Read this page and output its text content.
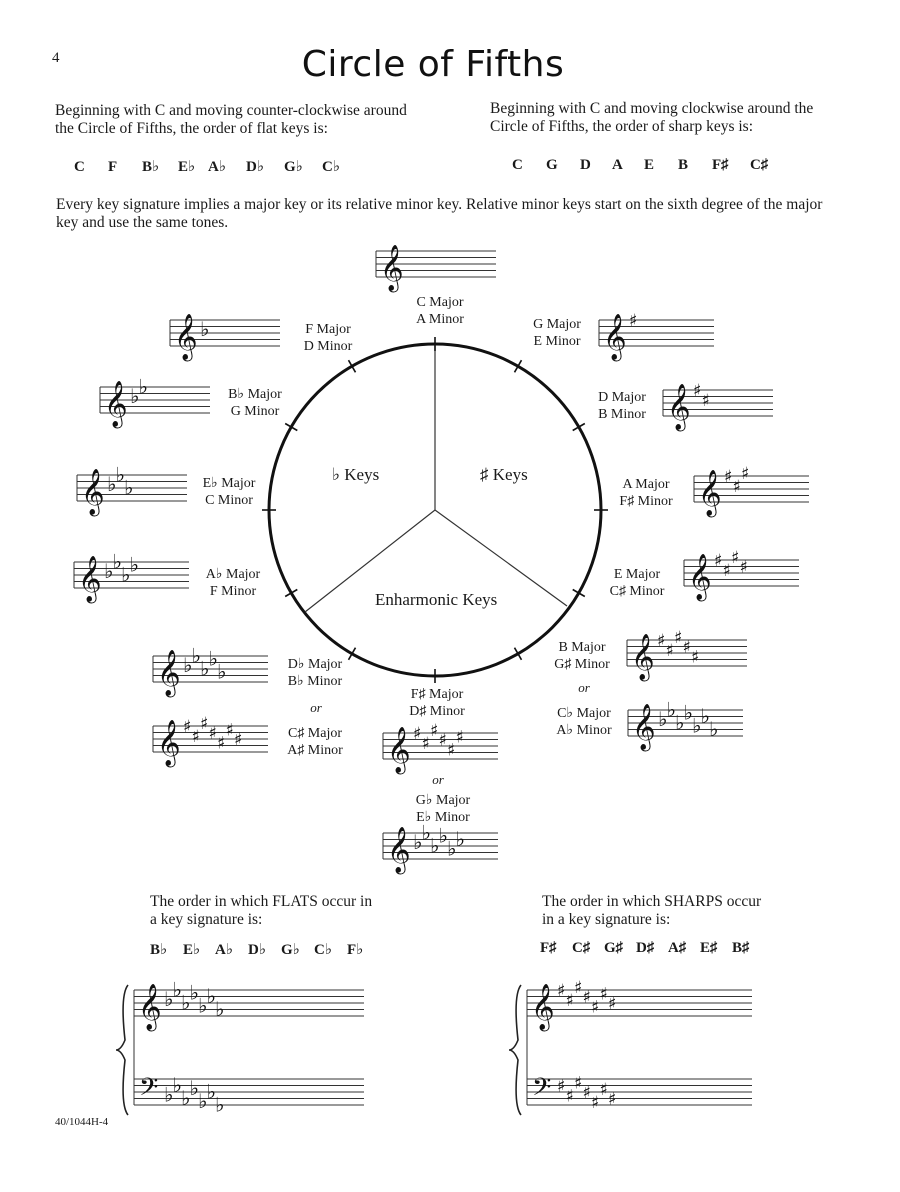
4	Circle of Fifths
Beginning with C and moving counter-clockwise around the Circle of Fifths, the order of flat keys is:
Beginning with C and moving clockwise around the Circle of Fifths, the order of sharp keys is:
C F B♭ E♭ A♭ D♭ G♭ C♭	C G D A E B F♯ C♯
Every key signature implies a major key or its relative minor key. Relative minor keys start on the sixth degree of the major key and use the same tones.
𝄞
𝄞 ♯
𝄞 ♯ ♯
𝄞 ♯ ♯
♯
𝄞 ♯ ♯
♯ ♯
𝄞 ♯ ♯
♯ ♯ ♯
𝄞 ♭ ♭
♭ ♭
♭ ♭
♭
𝄞 ♯ ♯
♯ ♯ ♯
♯
𝄞 ♭ ♭
♭ ♭
♭ ♭
𝄞 ♭ ♭
♭ ♭
♭
𝄞 ♯ ♯
♯ ♯ ♯
♯ ♯
𝄞 ♭ ♭
♭ ♭
𝄞 ♭ ♭
♭
𝄞 ♭ ♭
𝄞 ♭
𝄞 ♭ ♭
♭ ♭
♭ ♭
♭
𝄢 ♭ ♭
♭ ♭
♭ ♭
♭
𝄞 ♯ ♯
♯ ♯ ♯
♯ ♯
𝄢 ♯ ♯
♯ ♯ ♯
♯ ♯
♭ Keys	♯ Keys
Enharmonic Keys
C Major
A Minor	G Major
E Minor
D Major
B Minor
A Major
F♯ Minor
E Major
C♯ Minor
B Major
G♯ Minor
or
C♭ Major
A♭ Minor
F♯ Major
D♯ Minor
or
G♭ Major
E♭ Minor
D♭ Major
B♭ Minor
or
C♯ Major
A♯ Minor
A♭ Major
F Minor
E♭ Major
C Minor
B♭ Major
G Minor
F Major
D Minor
The order in which FLATS occur in a key signature is:
The order in which SHARPS occur in a key signature is:
B♭ E♭ A♭ D♭ G♭ C♭ F♭	F♯ C♯ G♯ D♯ A♯ E♯ B♯
40/1044H-4
